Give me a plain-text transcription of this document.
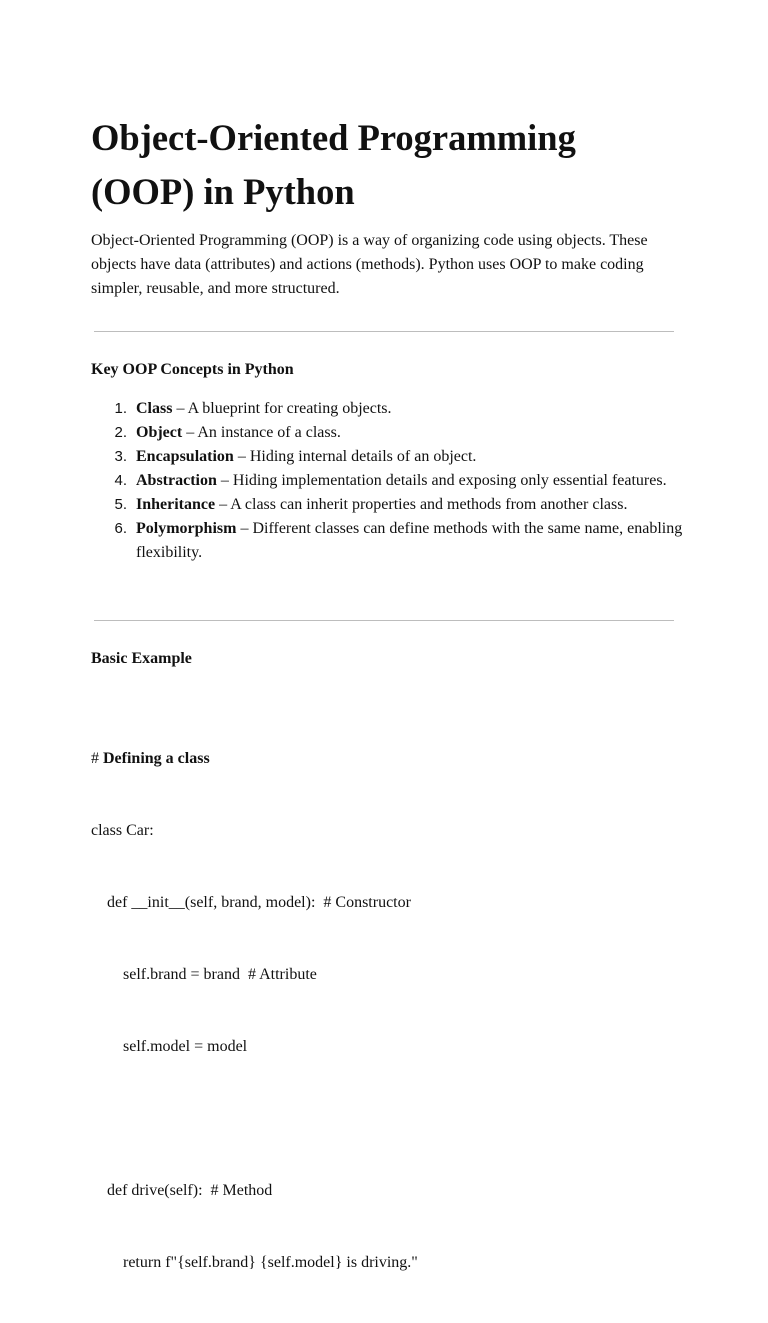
Object-Oriented Programming (OOP) in Python

Object-Oriented Programming (OOP) is a way of organizing code using objects. These objects have data (attributes) and actions (methods). Python uses OOP to make coding simpler, reusable, and more structured.

Key OOP Concepts in Python
1. Class – A blueprint for creating objects.
2. Object – An instance of a class.
3. Encapsulation – Hiding internal details of an object.
4. Abstraction – Hiding implementation details and exposing only essential features.
5. Inheritance – A class can inherit properties and methods from another class.
6. Polymorphism – Different classes can define methods with the same name, enabling flexibility.
Basic Example

# Defining a class

class Car:

def __init__(self, brand, model):  # Constructor

self.brand = brand  # Attribute

self.model = model

def drive(self):  # Method

return f"{self.brand} {self.model} is driving."
